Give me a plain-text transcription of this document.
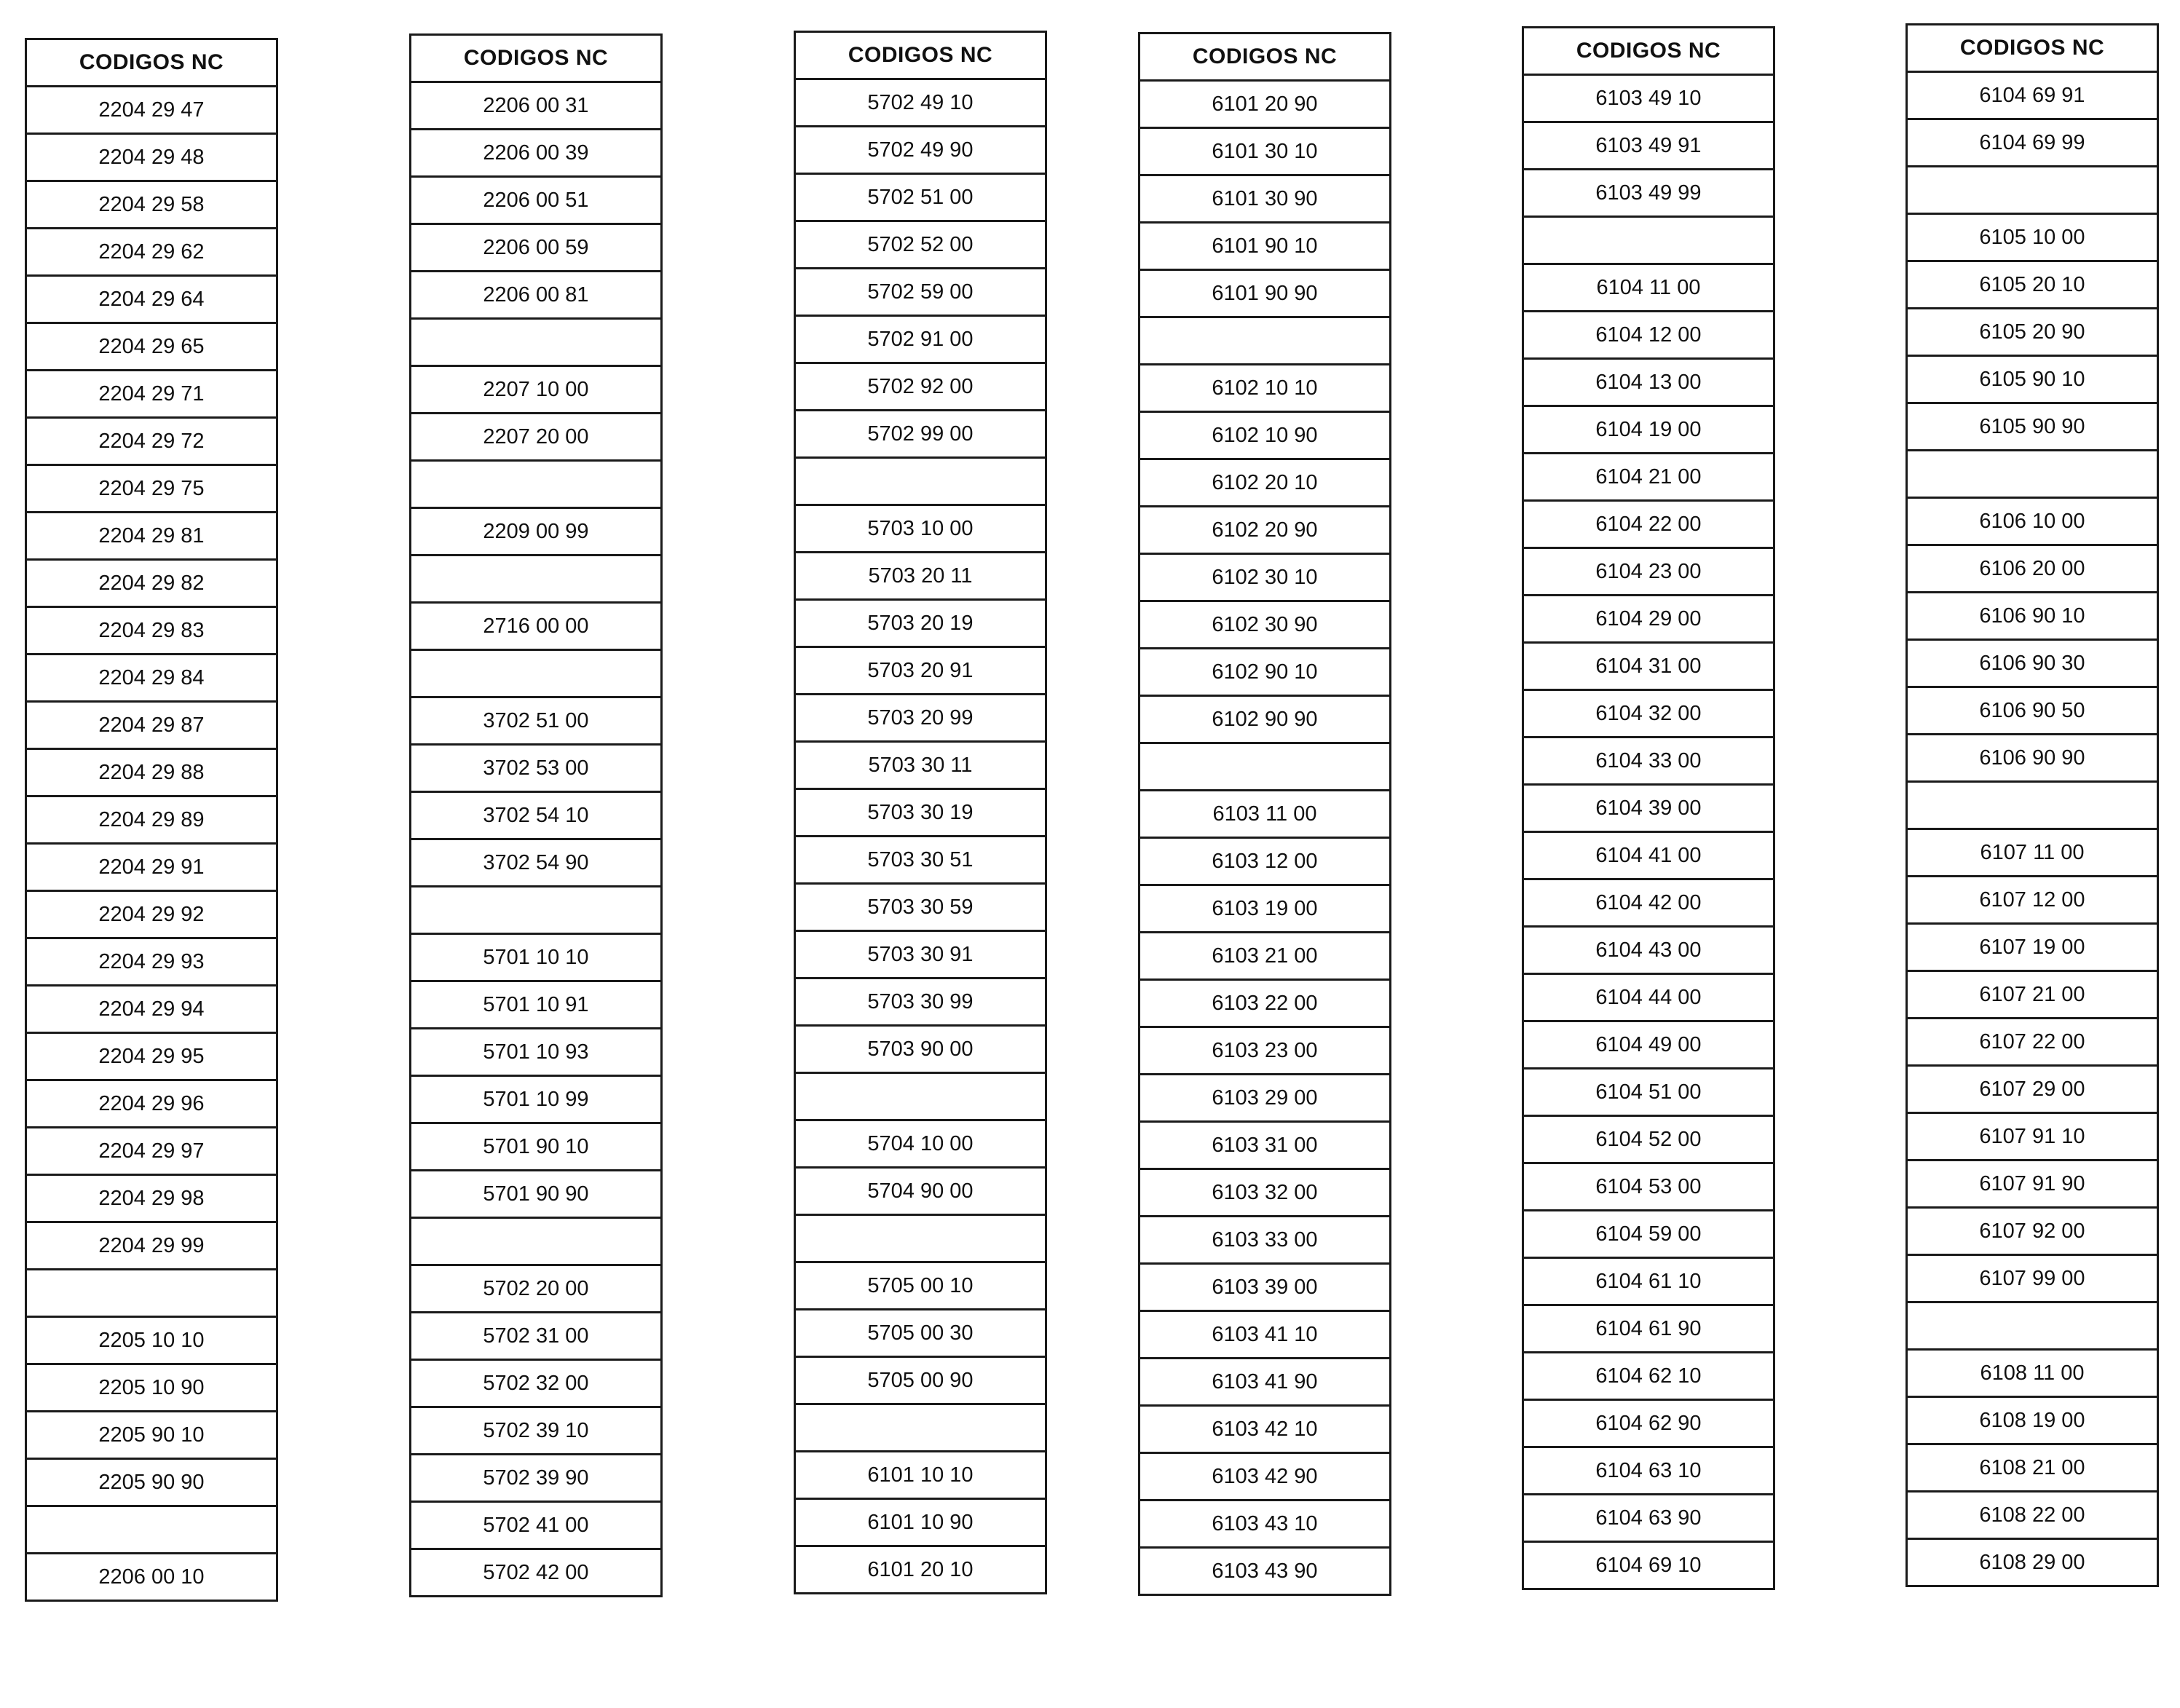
CODIGOS NC
2204 29 47
2204 29 48
2204 29 58
2204 29 62
2204 29 64
2204 29 65
2204 29 71
2204 29 72
2204 29 75
2204 29 81
2204 29 82
2204 29 83
2204 29 84
2204 29 87
2204 29 88
2204 29 89
2204 29 91
2204 29 92
2204 29 93
2204 29 94
2204 29 95
2204 29 96
2204 29 97
2204 29 98
2204 29 99

2205 10 10
2205 10 90
2205 90 10
2205 90 90

2206 00 10
CODIGOS NC
2206 00 31
2206 00 39
2206 00 51
2206 00 59
2206 00 81

2207 10 00
2207 20 00

2209 00 99

2716 00 00

3702 51 00
3702 53 00
3702 54 10
3702 54 90

5701 10 10
5701 10 91
5701 10 93
5701 10 99
5701 90 10
5701 90 90

5702 20 00
5702 31 00
5702 32 00
5702 39 10
5702 39 90
5702 41 00
5702 42 00
CODIGOS NC
5702 49 10
5702 49 90
5702 51 00
5702 52 00
5702 59 00
5702 91 00
5702 92 00
5702 99 00

5703 10 00
5703 20 11
5703 20 19
5703 20 91
5703 20 99
5703 30 11
5703 30 19
5703 30 51
5703 30 59
5703 30 91
5703 30 99
5703 90 00

5704 10 00
5704 90 00

5705 00 10
5705 00 30
5705 00 90

6101 10 10
6101 10 90
6101 20 10
CODIGOS NC
6101 20 90
6101 30 10
6101 30 90
6101 90 10
6101 90 90

6102 10 10
6102 10 90
6102 20 10
6102 20 90
6102 30 10
6102 30 90
6102 90 10
6102 90 90

6103 11 00
6103 12 00
6103 19 00
6103 21 00
6103 22 00
6103 23 00
6103 29 00
6103 31 00
6103 32 00
6103 33 00
6103 39 00
6103 41 10
6103 41 90
6103 42 10
6103 42 90
6103 43 10
6103 43 90
CODIGOS NC
6103 49 10
6103 49 91
6103 49 99

6104 11 00
6104 12 00
6104 13 00
6104 19 00
6104 21 00
6104 22 00
6104 23 00
6104 29 00
6104 31 00
6104 32 00
6104 33 00
6104 39 00
6104 41 00
6104 42 00
6104 43 00
6104 44 00
6104 49 00
6104 51 00
6104 52 00
6104 53 00
6104 59 00
6104 61 10
6104 61 90
6104 62 10
6104 62 90
6104 63 10
6104 63 90
6104 69 10
CODIGOS NC
6104 69 91
6104 69 99

6105 10 00
6105 20 10
6105 20 90
6105 90 10
6105 90 90

6106 10 00
6106 20 00
6106 90 10
6106 90 30
6106 90 50
6106 90 90

6107 11 00
6107 12 00
6107 19 00
6107 21 00
6107 22 00
6107 29 00
6107 91 10
6107 91 90
6107 92 00
6107 99 00

6108 11 00
6108 19 00
6108 21 00
6108 22 00
6108 29 00
